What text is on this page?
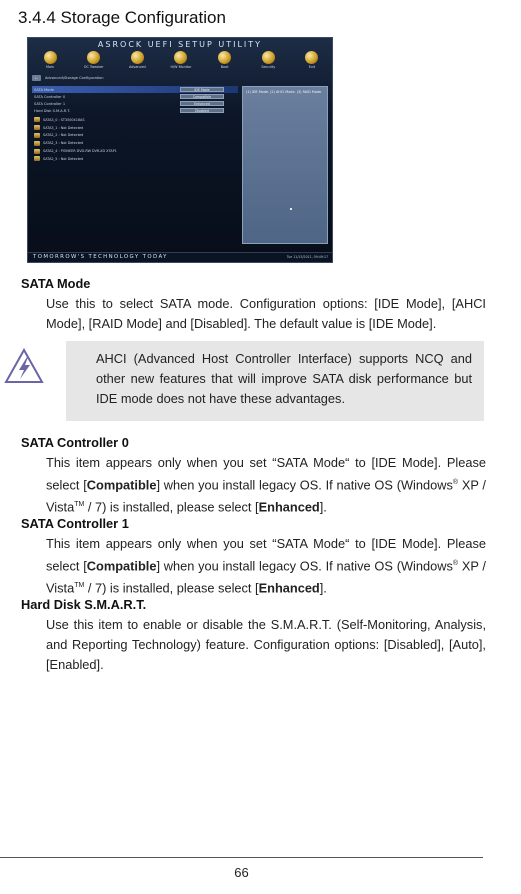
3.4.4 Storage Configuration
ASROCK UEFI SETUP UTILITY
Main	OC Tweaker	Advanced	H/W Monitor	Boot	Security	Exit
← Advanced\Storage Configuration
SATA Mode	IDE Mode
SATA Controller 0	Compatible
SATA Controller 1	Enhanced
Hard Disk S.M.A.R.T.	Disabled
SATA3_0 : ST3500418AS
SATA3_1 : Not Detected
SATA2_2 : Not Detected
SATA2_3 : Not Detected
SATA2_4 : PIONEER DVD-RW DVR-XD XTAP1
SATA2_5 : Not Detected
(1) IDE Mode. (2) AHCI Mode. (3) RAID Mode.
TOMORROW'S TECHNOLOGY TODAY	Tue 11/15/2011, 09:49:17
SATA Mode
Use this to select SATA mode. Configuration options: [IDE Mode], [AHCI Mode], [RAID Mode] and [Disabled]. The default value is [IDE Mode].
AHCI (Advanced Host Controller Interface) supports NCQ and other new features that will improve SATA disk performance but IDE mode does not have these advantages.
SATA Controller 0
This item appears only when you set “SATA Mode“ to [IDE Mode]. Please select [Compatible] when you install legacy OS. If native OS (Windows® XP / Vista™ / 7) is installed, please select [Enhanced].
SATA Controller 1
This item appears only when you set “SATA Mode“ to [IDE Mode]. Please select [Compatible] when you install legacy OS. If native OS (Windows® XP / Vista™ / 7) is installed, please select [Enhanced].
Hard Disk S.M.A.R.T.
Use this item to enable or disable the S.M.A.R.T. (Self-Monitoring, Analysis, and Reporting Technology) feature. Configuration options: [Disabled], [Auto], [Enabled].
66
